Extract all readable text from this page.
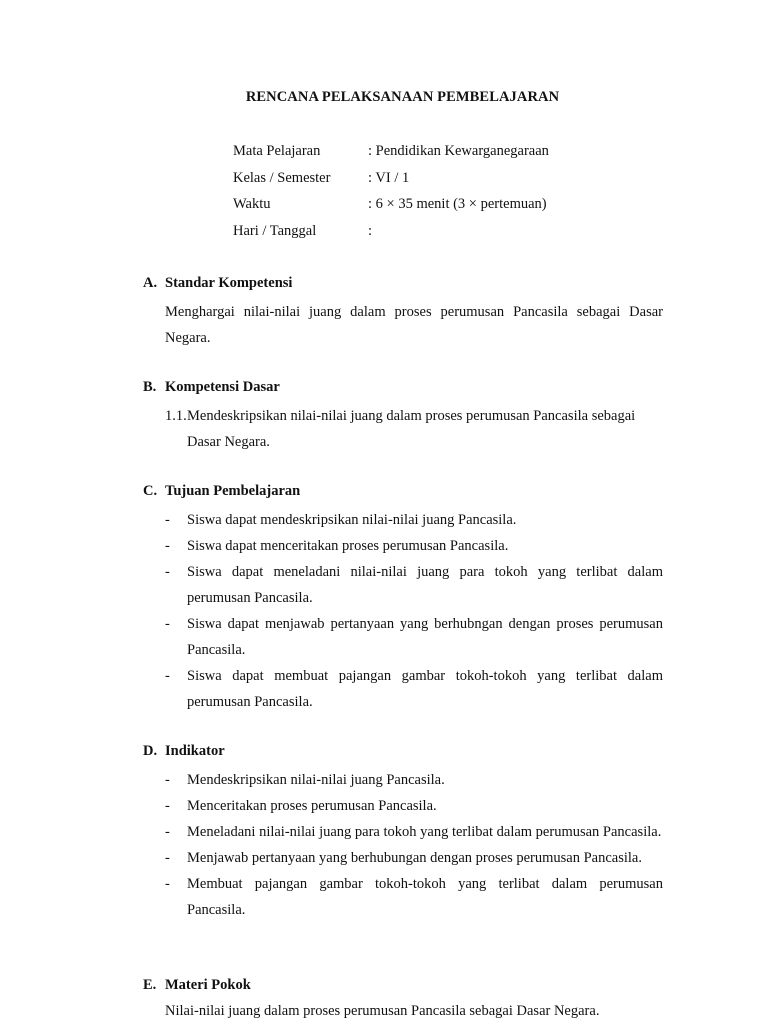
RENCANA PELAKSANAAN PEMBELAJARAN
Mata Pelajaran	: Pendidikan Kewarganegaraan
Kelas / Semester	: VI / 1
Waktu	: 6 × 35 menit (3 × pertemuan)
Hari / Tanggal	:
A. Standar Kompetensi

Menghargai nilai-nilai juang dalam proses perumusan Pancasila sebagai Dasar Negara.

B. Kompetensi Dasar
1.1. Mendeskripsikan nilai-nilai juang dalam proses perumusan Pancasila sebagai
Dasar Negara.
C. Tujuan Pembelajaran
-	Siswa dapat mendeskripsikan nilai-nilai juang Pancasila.
-	Siswa dapat menceritakan proses perumusan Pancasila.
-	Siswa dapat meneladani nilai-nilai juang para tokoh yang terlibat dalam perumusan Pancasila.
-	Siswa dapat menjawab pertanyaan yang berhubngan dengan proses perumusan Pancasila.
-	Siswa dapat membuat pajangan gambar tokoh-tokoh yang terlibat dalam perumusan Pancasila.
D. Indikator
-	Mendeskripsikan nilai-nilai juang Pancasila.
-	Menceritakan proses perumusan Pancasila.
-	Meneladani nilai-nilai juang para tokoh yang terlibat dalam perumusan Pancasila.
-	Menjawab pertanyaan yang berhubungan dengan proses perumusan Pancasila.
-	Membuat pajangan gambar tokoh-tokoh yang terlibat dalam perumusan Pancasila.
E. Materi Pokok

Nilai-nilai juang dalam proses perumusan Pancasila sebagai Dasar Negara.
